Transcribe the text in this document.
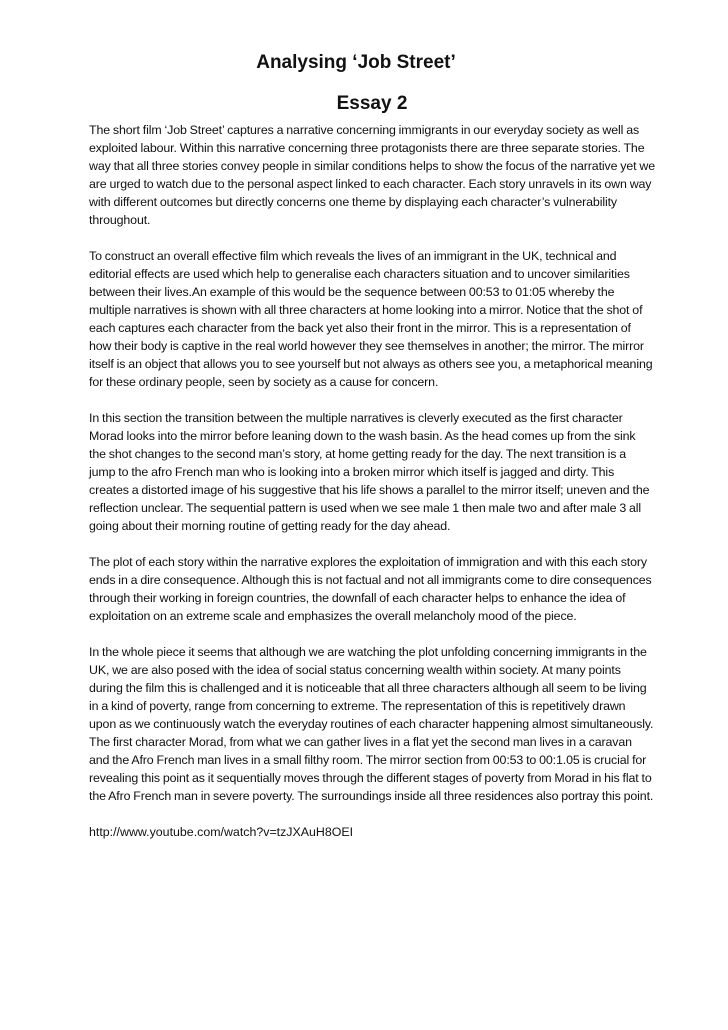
Analysing ‘Job Street’
Essay 2

The short film ‘Job Street’ captures a narrative concerning immigrants in our everyday society as well as exploited labour. Within this narrative concerning three protagonists there are three separate stories. The way that all three stories convey people in similar conditions helps to show the focus of the narrative yet we are urged to watch due to the personal aspect linked to each character. Each story unravels in its own way with different outcomes but directly concerns one theme by displaying each character’s vulnerability throughout.

To construct an overall effective film which reveals the lives of an immigrant in the UK, technical and editorial effects are used which help to generalise each characters situation and to uncover similarities between their lives.An example of this would be the sequence between 00:53 to 01:05 whereby the multiple narratives is shown with all three characters at home looking into a mirror. Notice that the shot of each captures each character from the back yet also their front in the mirror. This is a representation of how their body is captive in the real world however they see themselves in another; the mirror. The mirror itself is an object that allows you to see yourself but not always as others see you, a metaphorical meaning for these ordinary people, seen by society as a cause for concern.

In this section the transition between the multiple narratives is cleverly executed as the first character Morad looks into the mirror before leaning down to the wash basin. As the head comes up from the sink the shot changes to the second man’s story, at home getting ready for the day. The next transition is a jump to the afro French man who is looking into a broken mirror which itself is jagged and dirty. This creates a distorted image of his suggestive that his life shows a parallel to the mirror itself; uneven and the reflection unclear. The sequential pattern is used when we see male 1 then male two and after male 3 all going about their morning routine of getting ready for the day ahead.

The plot of each story within the narrative explores the exploitation of immigration and with this each story ends in a dire consequence. Although this is not factual and not all immigrants come to dire consequences through their working in foreign countries, the downfall of each character helps to enhance the idea of exploitation on an extreme scale and emphasizes the overall melancholy mood of the piece.

In the whole piece it seems that although we are watching the plot unfolding concerning immigrants in the UK, we are also posed with the idea of social status concerning wealth within society. At many points during the film this is challenged and it is noticeable that all three characters although all seem to be living in a kind of poverty, range from concerning to extreme. The representation of this is repetitively drawn upon as we continuously watch the everyday routines of each character happening almost simultaneously. The first character Morad, from what we can gather lives in a flat yet the second man lives in a caravan and the Afro French man lives in a small filthy room. The mirror section from 00:53 to 00:1.05 is crucial for revealing this point as it sequentially moves through the different stages of poverty from Morad in his flat to the Afro French man in severe poverty. The surroundings inside all three residences also portray this point.

http://www.youtube.com/watch?v=tzJXAuH8OEI
